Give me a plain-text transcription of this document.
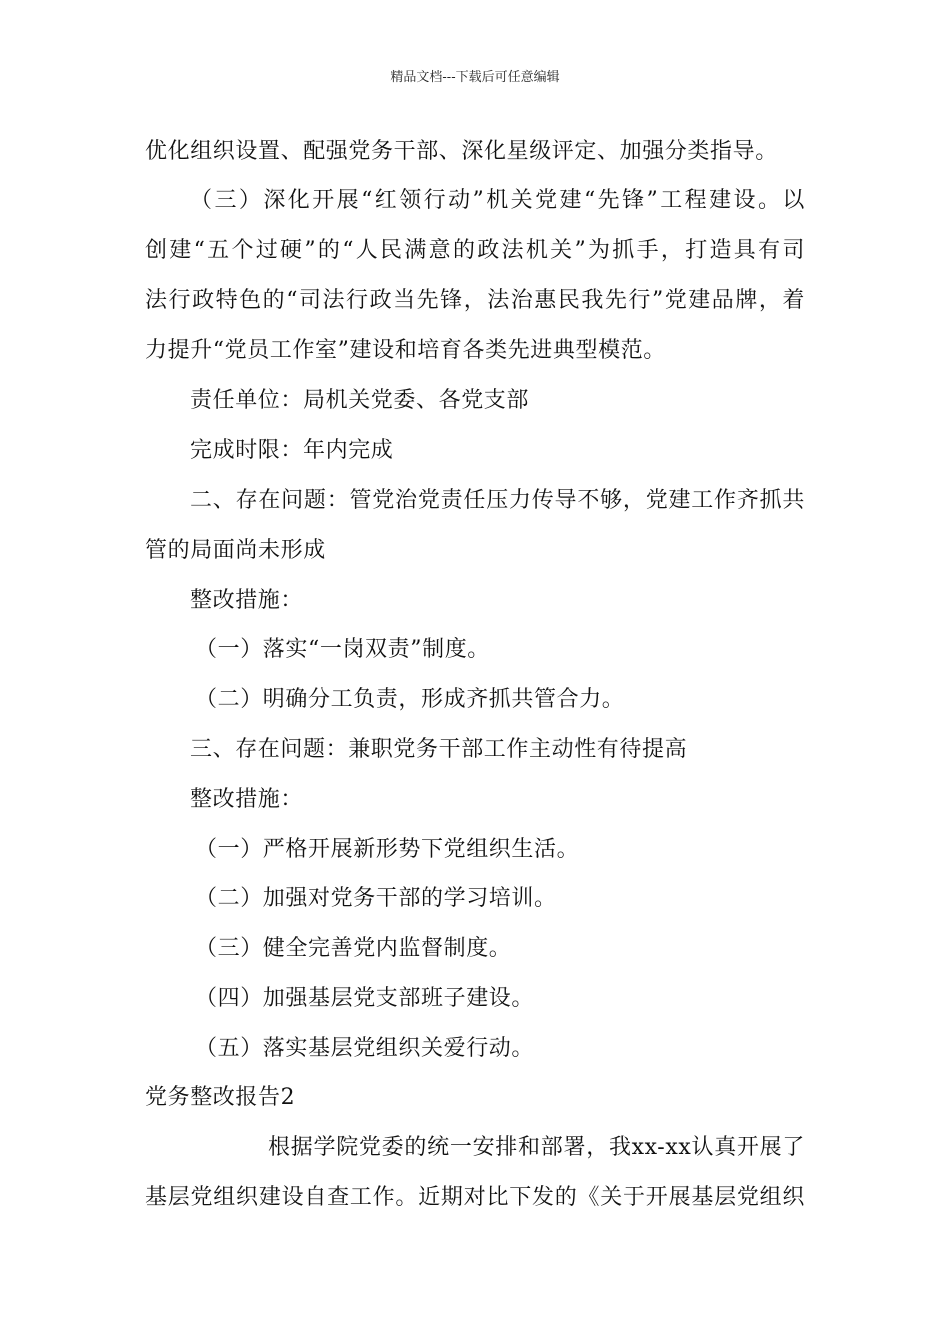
精品文档---下载后可任意编辑
优化组织设置、配强党务干部、深化星级评定、加强分类指导。
（三）深化开展“红领行动”机关党建“先锋”工程建设。以
创建“五个过硬”的“人民满意的政法机关”为抓手，打造具有司
法行政特色的“司法行政当先锋，法治惠民我先行”党建品牌，着
力提升“党员工作室”建设和培育各类先进典型模范。
责任单位：局机关党委、各党支部
完成时限：年内完成
二、存在问题：管党治党责任压力传导不够，党建工作齐抓共
管的局面尚未形成
整改措施：
（一）落实“一岗双责”制度。
（二）明确分工负责，形成齐抓共管合力。
三、存在问题：兼职党务干部工作主动性有待提高
整改措施：
（一）严格开展新形势下党组织生活。
（二）加强对党务干部的学习培训。
（三）健全完善党内监督制度。
（四）加强基层党支部班子建设。
（五）落实基层党组织关爱行动。
党务整改报告2
根据学院党委的统一安排和部署，我xx-xx认真开展了
基层党组织建设自查工作。近期对比下发的《关于开展基层党组织
